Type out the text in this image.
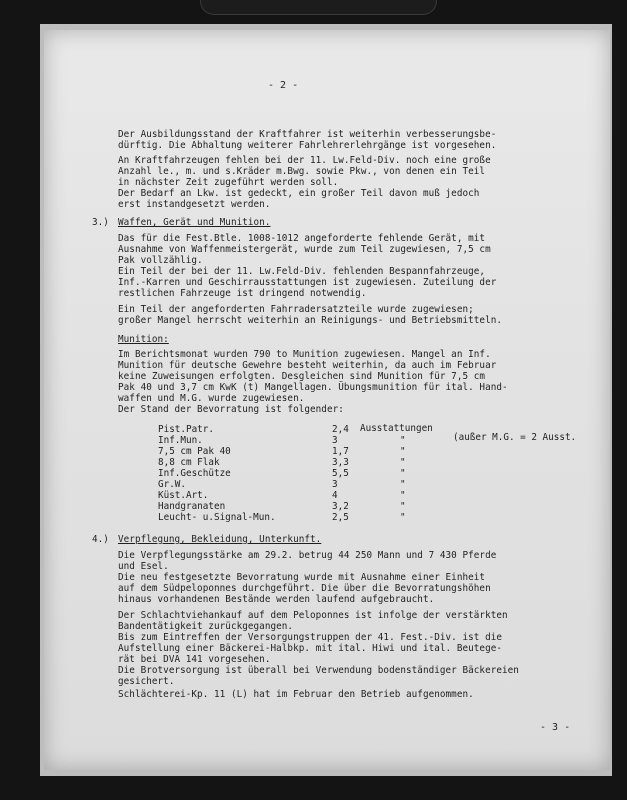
- 2 -
Der Ausbildungsstand der Kraftfahrer ist weiterhin verbesserungsbe-
dürftig. Die Abhaltung weiterer Fahrlehrerlehrgänge ist vorgesehen.
An Kraftfahrzeugen fehlen bei der 11. Lw.Feld-Div. noch eine große
Anzahl le., m. und s.Kräder m.Bwg. sowie Pkw., von denen ein Teil
in nächster Zeit zugeführt werden soll.
Der Bedarf an Lkw. ist gedeckt, ein großer Teil davon muß jedoch
erst instandgesetzt werden.
3.) Waffen, Gerät und Munition.
Das für die Fest.Btle. 1008-1012 angeforderte fehlende Gerät, mit
Ausnahme von Waffenmeistergerät, wurde zum Teil zugewiesen, 7,5 cm
Pak vollzählig.
Ein Teil der bei der 11. Lw.Feld-Div. fehlenden Bespannfahrzeuge,
Inf.-Karren und Geschirrausstattungen ist zugewiesen. Zuteilung der
restlichen Fahrzeuge ist dringend notwendig.
Ein Teil der angeforderten Fahrradersatzteile wurde zugewiesen;
großer Mangel herrscht weiterhin an Reinigungs- und Betriebsmitteln.
Munition:
Im Berichtsmonat wurden 790 to Munition zugewiesen. Mangel an Inf.
Munition für deutsche Gewehre besteht weiterhin, da auch im Februar
keine Zuweisungen erfolgten. Desgleichen sind Munition für 7,5 cm
Pak 40 und 3,7 cm KwK (t) Mangellagen. Übungsmunition für ital. Hand-
waffen und M.G. wurde zugewiesen.
Der Stand der Bevorratung ist folgender:
Pist.Patr.	2,4 Ausstattungen
Inf.Mun.	3	"	(außer M.G. = 2 Ausst.
7,5 cm Pak 40	1,7	"
8,8 cm Flak	3,3	"
Inf.Geschütze	5,5	"
Gr.W.	3	"
Küst.Art.	4	"
Handgranaten	3,2	"
Leucht- u.Signal-Mun.	2,5	"
4.) Verpflegung, Bekleidung, Unterkunft.
Die Verpflegungsstärke am 29.2. betrug 44 250 Mann und 7 430 Pferde
und Esel.
Die neu festgesetzte Bevorratung wurde mit Ausnahme einer Einheit
auf dem Südpeloponnes durchgeführt. Die über die Bevorratungshöhen
hinaus vorhandenen Bestände werden laufend aufgebraucht.
Der Schlachtviehankauf auf dem Peloponnes ist infolge der verstärkten
Bandentätigkeit zurückgegangen.
Bis zum Eintreffen der Versorgungstruppen der 41. Fest.-Div. ist die
Aufstellung einer Bäckerei-Halbkp. mit ital. Hiwi und ital. Beutege-
rät bei DVA 141 vorgesehen.
Die Brotversorgung ist überall bei Verwendung bodenständiger Bäckereien
gesichert.
Schlächterei-Kp. 11 (L) hat im Februar den Betrieb aufgenommen.
- 3 -
